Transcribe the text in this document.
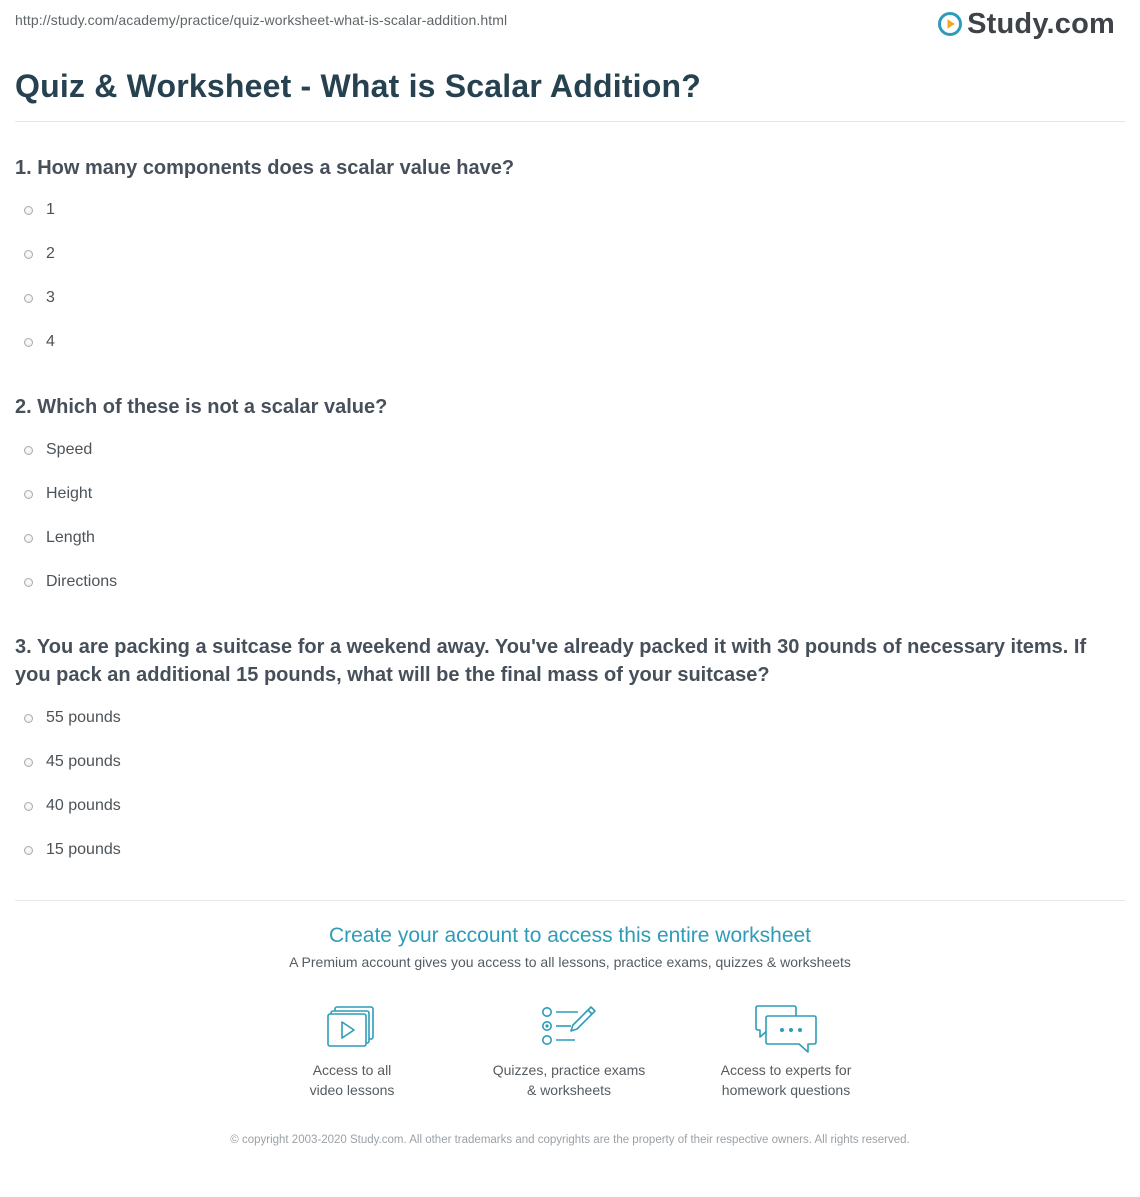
http://study.com/academy/practice/quiz-worksheet-what-is-scalar-addition.html	Study.com
Quiz & Worksheet - What is Scalar Addition?

1. How many components does a scalar value have?

1
2
3
4

2. Which of these is not a scalar value?

Speed
Height
Length
Directions

3. You are packing a suitcase for a weekend away. You've already packed it with 30 pounds of necessary items. If you pack an additional 15 pounds, what will be the final mass of your suitcase?

55 pounds
45 pounds
40 pounds
15 pounds
Create your account to access this entire worksheet
A Premium account gives you access to all lessons, practice exams, quizzes & worksheets
Access to all
video lessons
Quizzes, practice exams
& worksheets
Access to experts for
homework questions
© copyright 2003-2020 Study.com. All other trademarks and copyrights are the property of their respective owners. All rights reserved.
